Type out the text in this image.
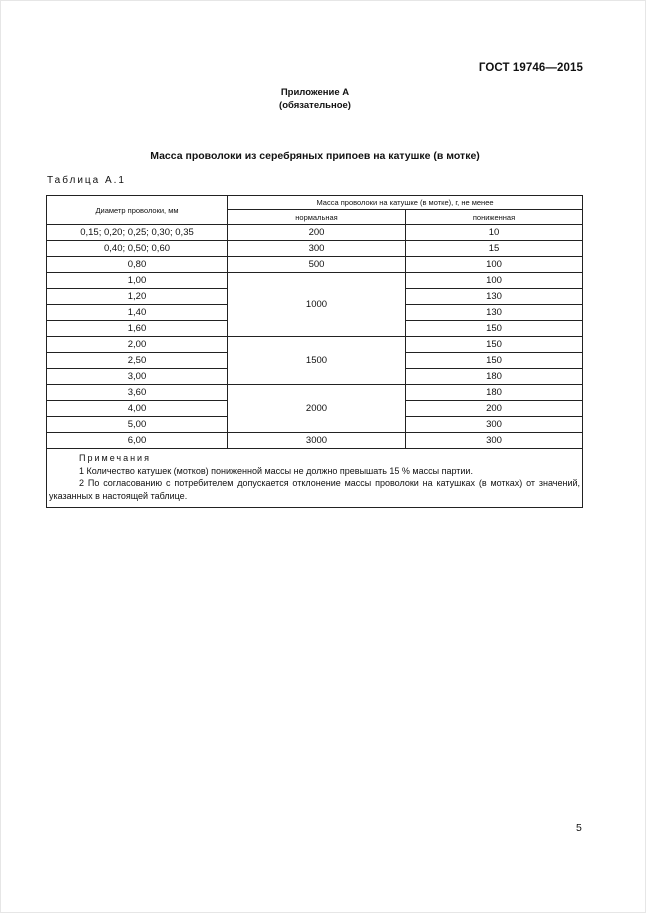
ГОСТ 19746—2015
Приложение А
(обязательное)
Масса проволоки из серебряных припоев на катушке (в мотке)
Таблица А.1
Диаметр проволоки, мм	Масса проволоки на катушке (в мотке), г, не менее	
	нормальная	пониженная
0,15; 0,20; 0,25; 0,30; 0,35	200	10
0,40; 0,50; 0,60	300	15
0,80	500	100
1,00	1000	100
1,20		130
1,40		130
1,60		150
2,00	1500	150
2,50		150
3,00		180
3,60	2000	180
4,00		200
5,00		300
6,00	3000	300

Примечания
1 Количество катушек (мотков) пониженной массы не должно превышать 15 % массы партии.
2 По согласованию с потребителем допускается отклонение массы проволоки на катушках (в мотках) от значений, указанных в настоящей таблице.		
5
